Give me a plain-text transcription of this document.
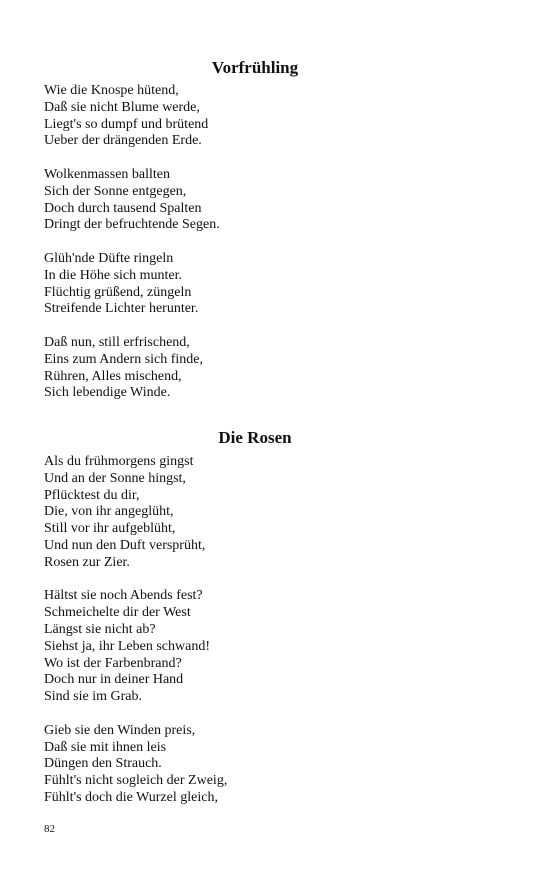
Vorfrühling
Wie die Knospe hütend,
Daß sie nicht Blume werde,
Liegt's so dumpf und brütend
Ueber der drängenden Erde.
Wolkenmassen ballten
Sich der Sonne entgegen,
Doch durch tausend Spalten
Dringt der befruchtende Segen.
Glüh'nde Düfte ringeln
In die Höhe sich munter.
Flüchtig grüßend, züngeln
Streifende Lichter herunter.
Daß nun, still erfrischend,
Eins zum Andern sich finde,
Rühren, Alles mischend,
Sich lebendige Winde.
Die Rosen
Als du frühmorgens gingst
Und an der Sonne hingst,
Pflücktest du dir,
Die, von ihr angeglüht,
Still vor ihr aufgeblüht,
Und nun den Duft versprüht,
Rosen zur Zier.
Hältst sie noch Abends fest?
Schmeichelte dir der West
Längst sie nicht ab?
Siehst ja, ihr Leben schwand!
Wo ist der Farbenbrand?
Doch nur in deiner Hand
Sind sie im Grab.
Gieb sie den Winden preis,
Daß sie mit ihnen leis
Düngen den Strauch.
Fühlt's nicht sogleich der Zweig,
Fühlt's doch die Wurzel gleich,
82
